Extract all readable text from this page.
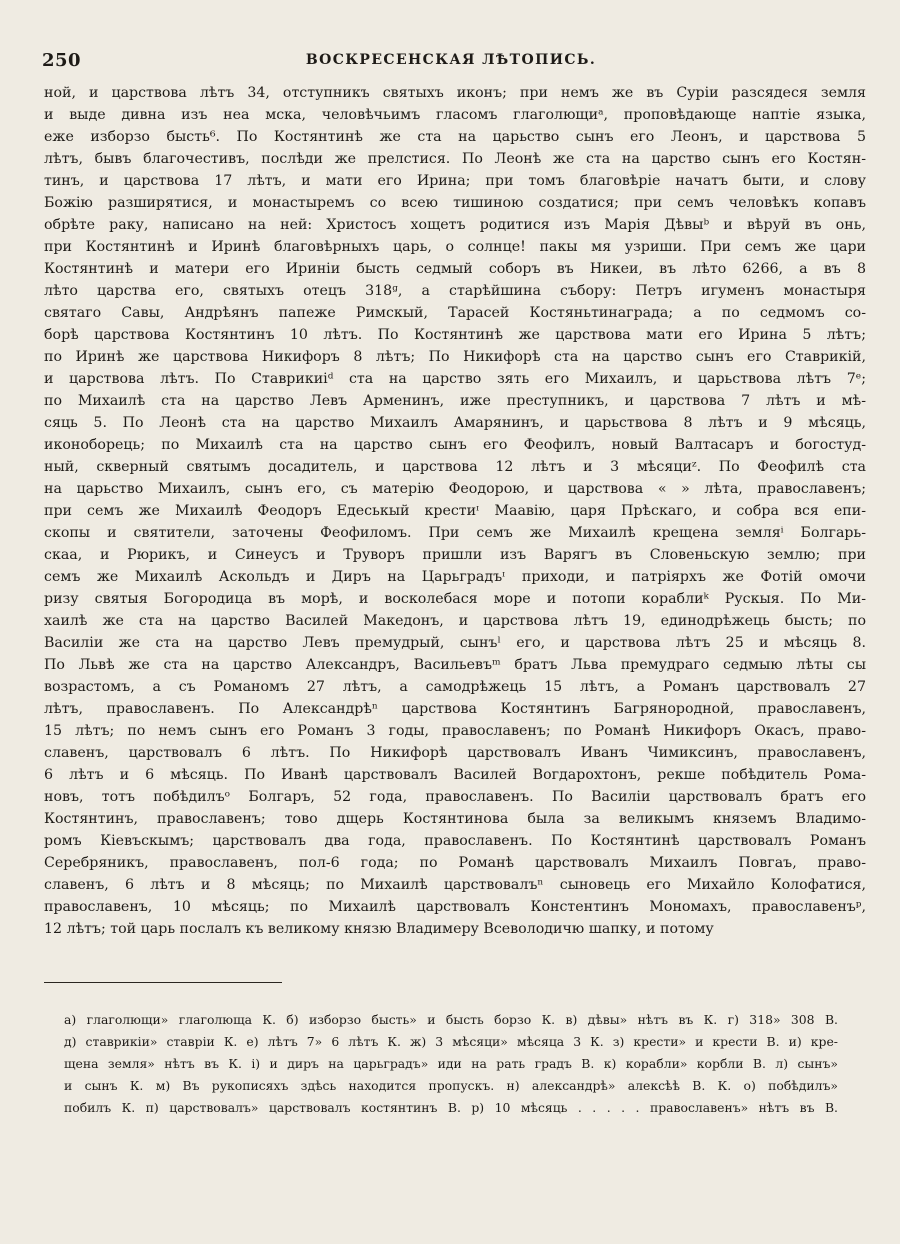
250	ВОСКРЕСЕНСКАЯ ЛѢТОПИСЬ.
ной, и царствова лѣтъ 34, отступникъ святыхъ иконъ; при немъ же въ Сурiи разсядеся земля
и выде дивна изъ неа мска, человѣчьимъ гласомъ глаголющиᵃ, проповѣдающе нaптiе языка,
еже изборзо бысть⁶. По Костянтинѣ же ста на царьство сынъ его Леонъ, и царствова 5
лѣтъ, бывъ благочестивъ, послѣди же прелстися. По Леонѣ же ста на царство сынъ его Костян-
тинъ, и царствова 17 лѣтъ, и мати его Ирина; при томъ благовѣрiе начатъ быти, и слову
Божiю разширятися, и монастыремъ со всею тишиною создатися; при семъ человѣкъ копавъ
обрѣте раку, написано на ней: Христосъ хощетъ родитися изъ Марiя Дѣвыᵇ и вѣруй въ онь,
при Костянтинѣ и Иринѣ благовѣрныхъ царь, о солнце! пакы мя узриши. При семъ же цари
Костянтинѣ и матери его Ириніи бысть седмый соборъ въ Никеи, въ лѣто 6266, а въ 8
лѣто царства его, святыхъ отецъ 318ᵍ, а старѣйшина събору: Петръ игуменъ монастыря
святаго Савы, Андрѣянъ папеже Римскый, Тарасей Костяньтинаграда; а по седмомъ со-
борѣ царствова Костянтинъ 10 лѣтъ. По Костянтинѣ же царствова мати его Ирина 5 лѣтъ;
по Иринѣ же царствова Никифоръ 8 лѣтъ; По Никифорѣ ста на царство сынъ его Ставрикiй,
и царствова лѣтъ. По Ставрикиiᵈ ста на царство зять его Михаилъ, и царьствова лѣтъ 7ᵉ;
по Михаилѣ ста на царство Левъ Арменинъ, иже преступникъ, и царствова 7 лѣтъ и мѣ-
сяць 5. По Леонѣ ста на царство Михаилъ Амарянинъ, и царьствова 8 лѣтъ и 9 мѣсяць,
иконоборець; по Михаилѣ ста на царство сынъ его Феофилъ, новый Валтасаръ и богостуд-
ный, скверный святымъ досадитель, и царствова 12 лѣтъ и 3 мѣсяциᶻ. По Феофилѣ ста
на царьство Михаилъ, сынъ его, съ матерiю Феодорою, и царствова « » лѣта, православенъ;
при семъ же Михаилѣ Феодоръ Едеськый крестиᶦ Маавiю, царя Прѣскаго, и собра вся епи-
скопы и святители, заточены Феофиломъ. При семъ же Михаилѣ крещена земляⁱ Болгарь-
скаа, и Рюрикъ, и Синеусъ и Труворъ пришли изъ Варягъ въ Словеньскую землю; при
семъ же Михаилѣ Аскольдъ и Диръ на Царьградъᶦ приходи, и патрiярхъ же Фотiй омочи
ризу святыя Богородица въ морѣ, и восколебася море и потопи кораблиᵏ Рускыя. По Ми-
хаилѣ же ста на царство Василей Македонъ, и царствова лѣтъ 19, единодрѣжець бысть; по
Василiи же ста на царство Левъ премудрый, сынъˡ его, и царствова лѣтъ 25 и мѣсяць 8.
По Львѣ же ста на царство Александръ, Васильевъᵐ братъ Льва премудраго седмыю лѣты сы
возрастомъ, а съ Романомъ 27 лѣтъ, а самодрѣжець 15 лѣтъ, а Романъ царствовалъ 27
лѣтъ, православенъ. По Александрѣⁿ царствова Костянтинъ Багрянородной, православенъ,
15 лѣтъ; по немъ сынъ его Романъ 3 годы, православенъ; по Романѣ Никифоръ Окасъ, право-
славенъ, царствовалъ 6 лѣтъ. По Никифорѣ царствовалъ Иванъ Чимиксинъ, православенъ,
6 лѣтъ и 6 мѣсяць. По Иванѣ царствовалъ Василей Вогдарохтонъ, рекше побѣдитель Рома-
новъ, тотъ побѣдилъᵒ Болгаръ, 52 года, православенъ. По Василiи царствовалъ братъ его
Костянтинъ, православенъ; тово дщерь Костянтинова была за великымъ княземъ Владимо-
ромъ Кiевъскымъ; царствовалъ два года, православенъ. По Костянтинѣ царствовалъ Романъ
Серебряникъ, православенъ, пол-6 года; по Романѣ царствовалъ Михаилъ Повгаъ, право-
славенъ, 6 лѣтъ и 8 мѣсяць; по Михаилѣ царствовалъⁿ сыновець его Михайло Колофатися,
православенъ, 10 мѣсяць; по Михаилѣ царствовалъ Констентинъ Мономахъ, православенъᵖ,
12 лѣтъ; той царь послалъ къ великому князю Владимеру Всеволодичю шапку, и потому
а) глаголющи» глаголюща К. б) изборзо бысть» и бысть борзо К. в) дѣвы» нѣтъ въ К. г) 318» 308 В.
д) ставрикiи» ставрiи К. е) лѣтъ 7» 6 лѣтъ К. ж) 3 мѣсяци» мѣсяца 3 К. з) крести» и крести В. и) кре-
щена земля» нѣтъ въ К. i) и диръ на царьградъ» иди на рать градъ В. к) корабли» корбли В. л) сынъ»
и сынъ К. м) Въ рукописяхъ здѣсь находится пропускъ. н) александрѣ» алексѣѣ В. К. о) побѣдилъ»
побилъ К. п) царствовалъ» царствовалъ костянтинъ В. р) 10 мѣсяць . . . . . православенъ» нѣтъ въ В.
